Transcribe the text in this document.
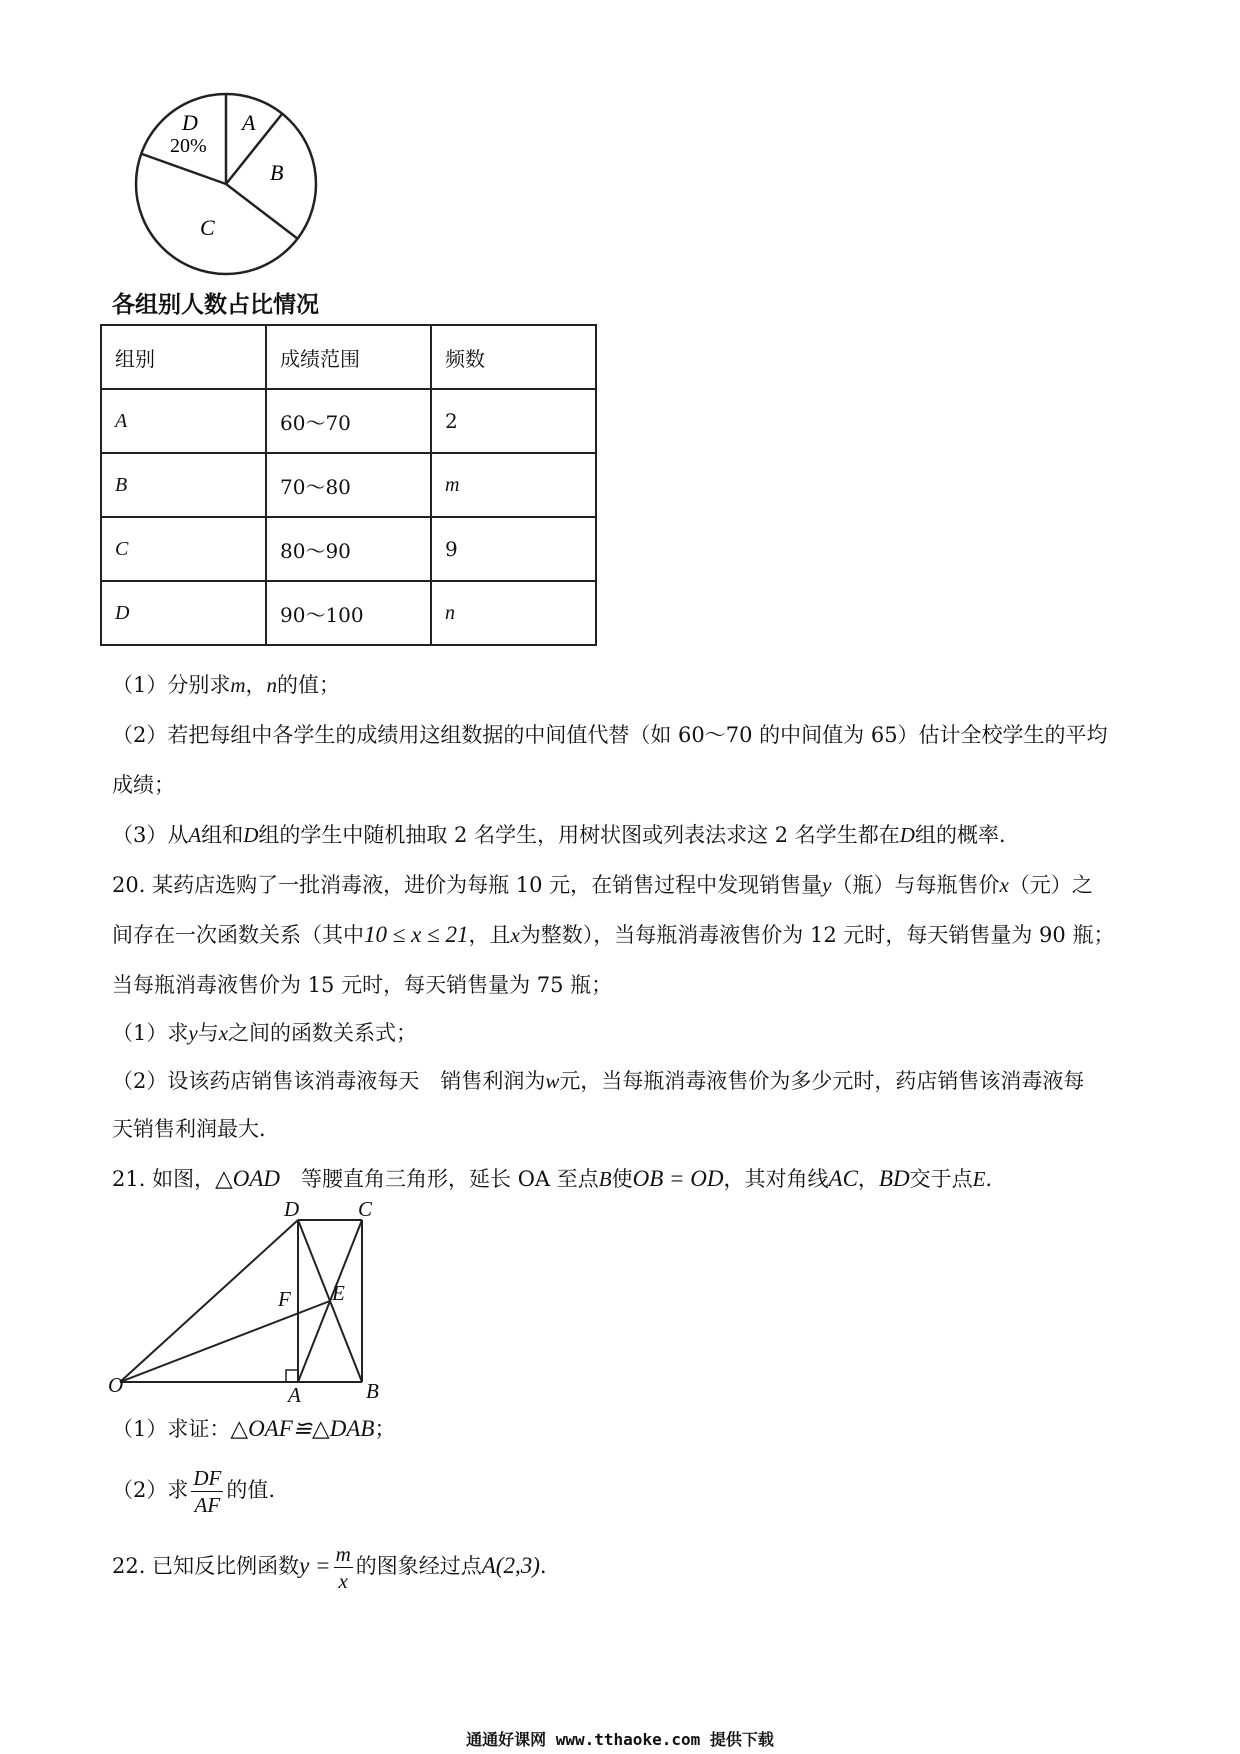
A
B
C
D
20%
各组别人数占比情况
组别	成绩范围	频数
A	60～70	2
B	70～80	m
C	80～90	9
D	90～100	n
（1）分别求m，n的值；
（2）若把每组中各学生的成绩用这组数据的中间值代替（如 60～70 的中间值为 65）估计全校学生的平均
成绩；
（3）从A组和D组的学生中随机抽取 2 名学生，用树状图或列表法求这 2 名学生都在D组的概率．
20. 某药店选购了一批消毒液，进价为每瓶 10 元，在销售过程中发现销售量y（瓶）与每瓶售价x（元）之
间存在一次函数关系（其中10 ≤ x ≤ 21，且x为整数），当每瓶消毒液售价为 12 元时，每天销售量为 90 瓶；
当每瓶消毒液售价为 15 元时，每天销售量为 75 瓶；
（1）求y与x之间的函数关系式；
（2）设该药店销售该消毒液每天　销售利润为w元，当每瓶消毒液售价为多少元时，药店销售该消毒液每
天销售利润最大．
21. 如图，△OAD　等腰直角三角形，延长 OA 至点B使OB = OD，其对角线AC，BD交于点E.
D	C
F E
O	A	B
（1）求证：△OAF≌△DAB；
（2）求 $\frac{DF}{AF}$ 的值.
22. 已知反比例函数$y = \frac{m}{x}$ 的图象经过点A(2,3).
通通好课网 www.tthaoke.com 提供下载
